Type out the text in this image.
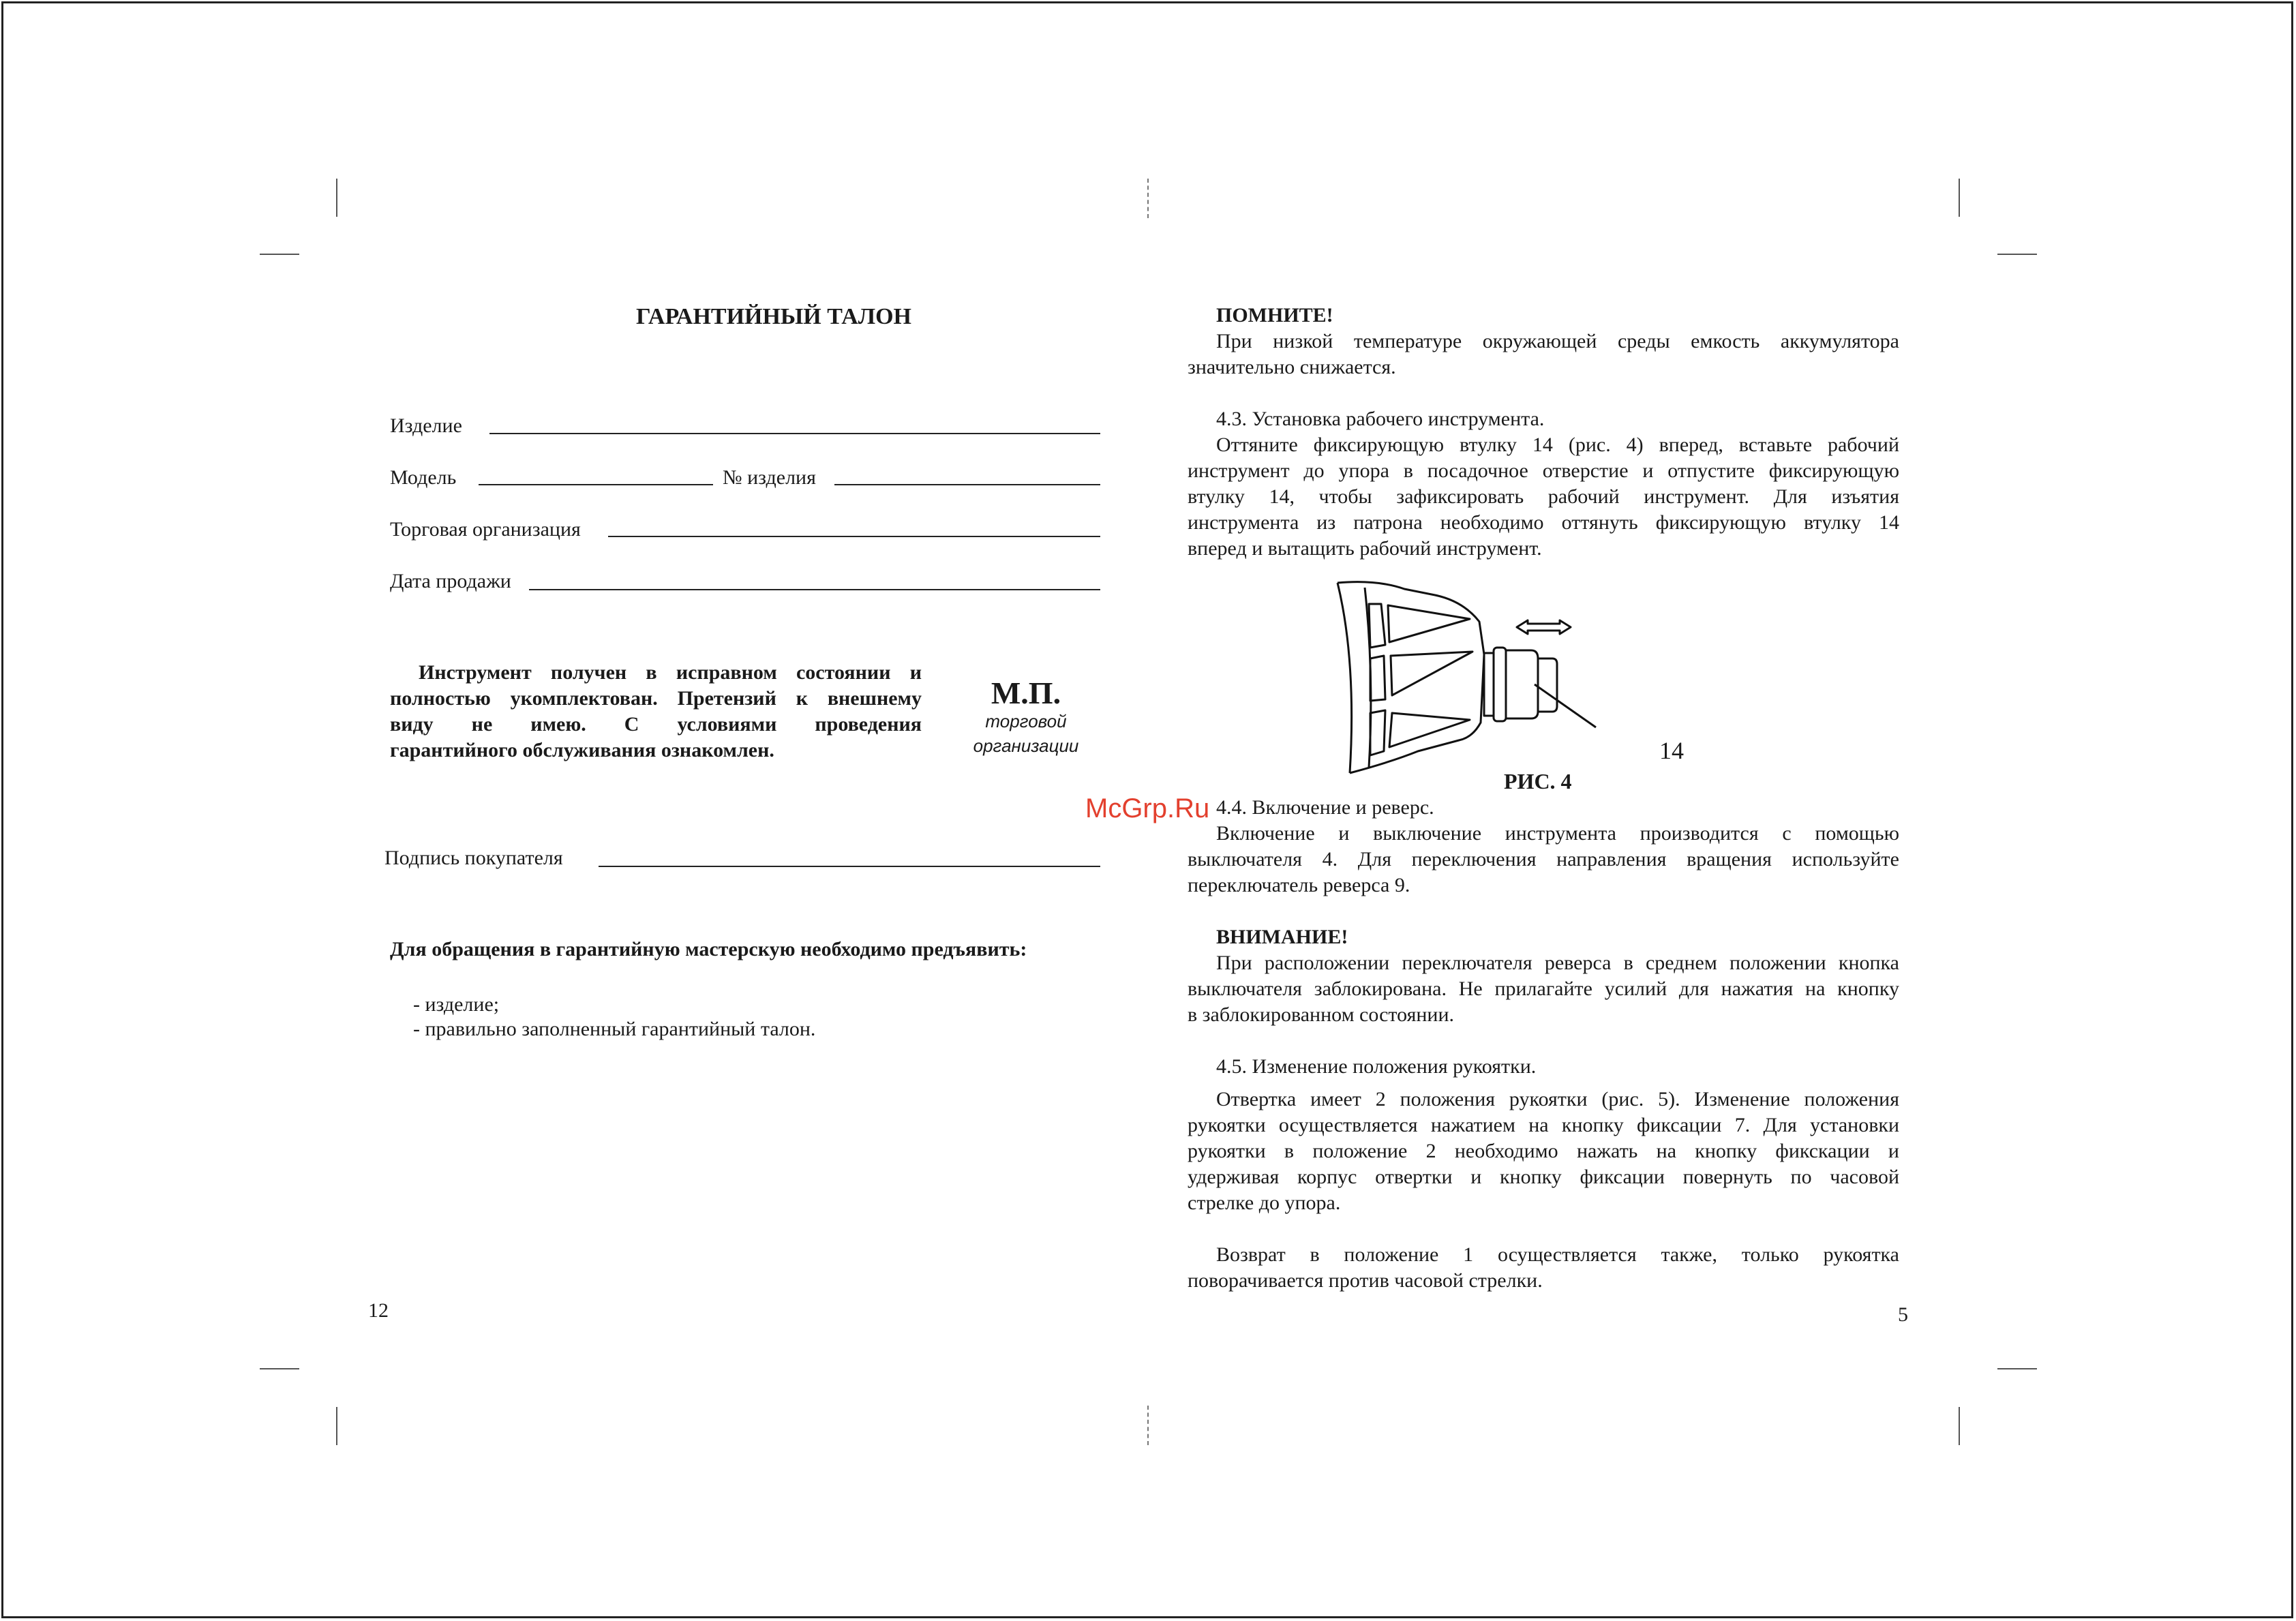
ГАРАНТИЙНЫЙ ТАЛОН
Изделие
Модель	№ изделия
Торговая организация
Дата продажи
Инструмент получен в исправном состоянии и
полностью укомплектован. Претензий к внешнему
виду не имею. С условиями проведения
гарантийного обслуживания ознакомлен.
М.П.
торговой
организации
Подпись покупателя
Для обращения в гарантийную мастерскую необходимо предъявить:
- изделие;
- правильно заполненный гарантийный талон.
12
ПОМНИТЕ!
При низкой температуре окружающей среды емкость аккумулятора
значительно снижается.
4.3. Установка рабочего инструмента.
Оттяните фиксирующую втулку 14 (рис. 4) вперед, вставьте рабочий
инструмент до упора в посадочное отверстие и отпустите фиксирующую
втулку 14, чтобы зафиксировать рабочий инструмент. Для изъятия
инструмента из патрона необходимо оттянуть фиксирующую втулку 14
вперед и вытащить рабочий инструмент.
14
РИС. 4
McGrp.Ru 4.4. Включение и реверс.
Включение и выключение инструмента производится с помощью
выключателя 4. Для переключения направления вращения используйте
переключатель реверса 9.
ВНИМАНИЕ!
При расположении переключателя реверса в среднем положении кнопка
выключателя заблокирована. Не прилагайте усилий для нажатия на кнопку
в заблокированном состоянии.
4.5. Изменение положения рукоятки.
Отвертка имеет 2 положения рукоятки (рис. 5). Изменение положения
рукоятки осуществляется нажатием на кнопку фиксации 7. Для установки
рукоятки в положение 2 необходимо нажать на кнопку фикскации и
удерживая корпус отвертки и кнопку фиксации повернуть по часовой
стрелке до упора.
Возврат в положение 1 осуществляется также, только рукоятка
поворачивается против часовой стрелки.
5
